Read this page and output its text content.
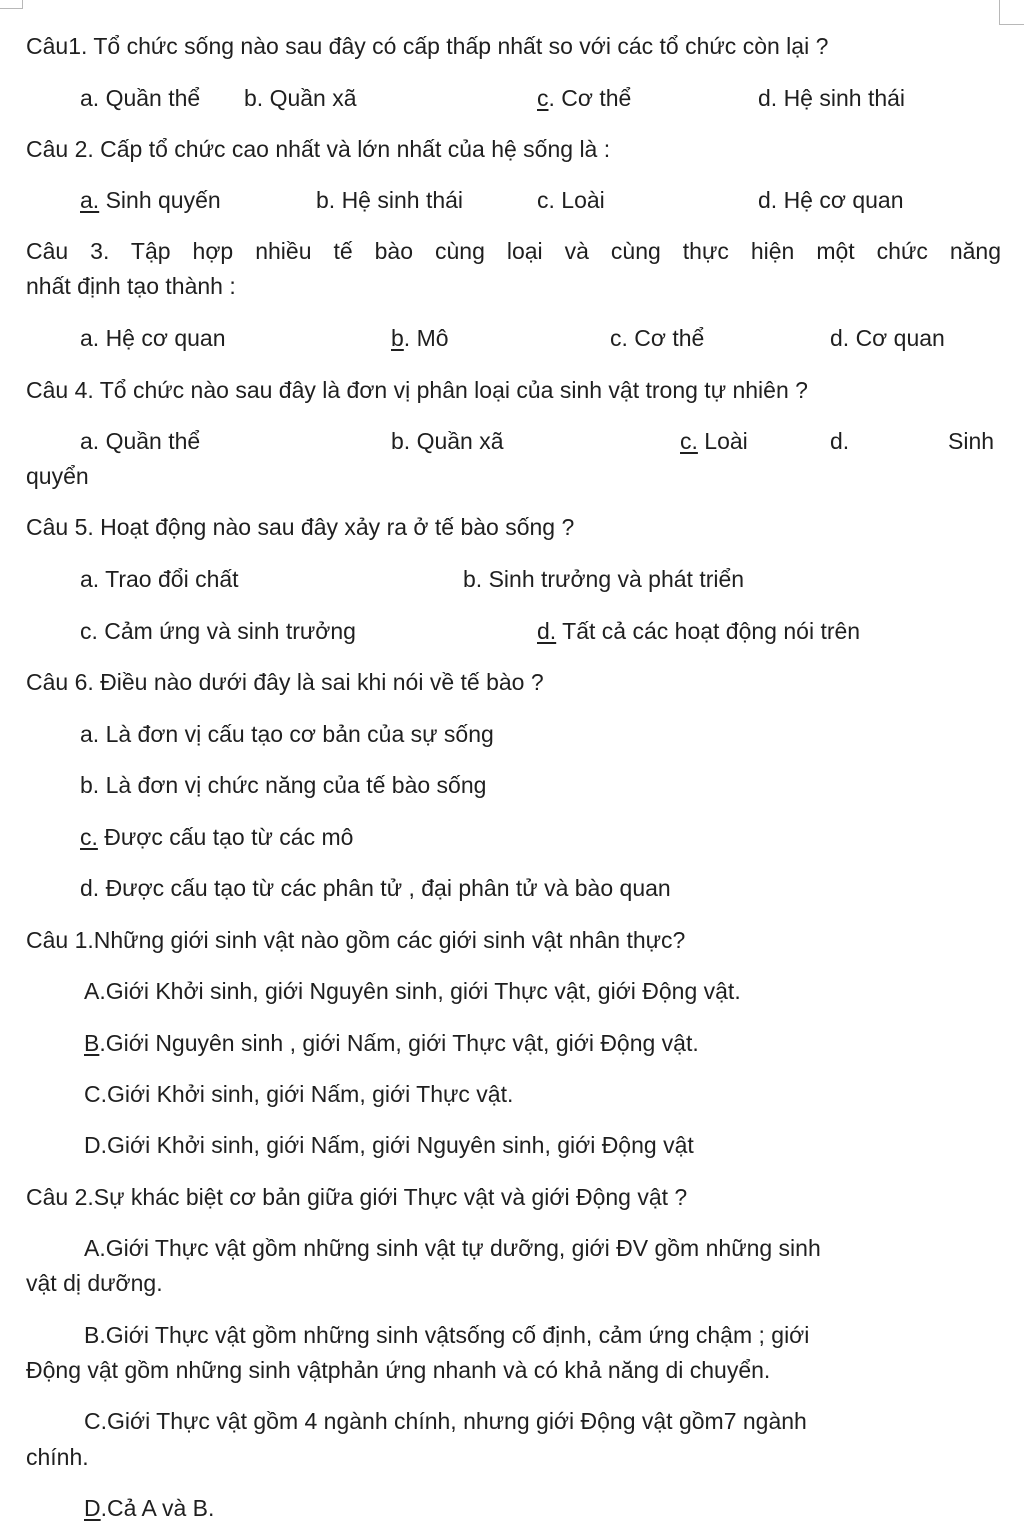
Câu1. Tổ chức sống nào sau đây có cấp thấp nhất so với các tổ chức còn lại ?
a. Quần thể b. Quần xã	c. Cơ thể	d. Hệ sinh thái
Câu 2. Cấp tổ chức cao nhất và lớn nhất của hệ sống là :
a. Sinh quyến	b. Hệ sinh thái	c. Loài	d. Hệ cơ quan
Câu 3. Tập hợp nhiều tế bào cùng loại và cùng thực hiện một chức năng
nhất định tạo thành :
a. Hệ cơ quan	b. Mô	c. Cơ thể	d. Cơ quan
Câu 4. Tổ chức nào sau đây là đơn vị phân loại của sinh vật trong tự nhiên ?
a. Quần thể	b. Quần xã	c. Loài	d.	Sinh
quyển
Câu 5. Hoạt động nào sau đây xảy ra ở tế bào sống ?
a. Trao đổi chất	b. Sinh trưởng và phát triển
c. Cảm ứng và sinh trưởng	d. Tất cả các hoạt động nói trên
Câu 6. Điều nào dưới đây là sai khi nói về tế bào ?
a. Là đơn vị cấu tạo cơ bản của sự sống
b. Là đơn vị chức năng của tế bào sống
c. Được cấu tạo từ các mô
d. Được cấu tạo từ các phân tử , đại phân tử và bào quan
Câu 1.Những giới sinh vật nào gồm các giới sinh vật nhân thực?
A.Giới Khởi sinh, giới Nguyên sinh, giới Thực vật, giới Động vật.
B.Giới Nguyên sinh , giới Nấm, giới Thực vật, giới Động vật.
C.Giới Khởi sinh, giới Nấm, giới Thực vật.
D.Giới Khởi sinh, giới Nấm, giới Nguyên sinh, giới Động vật
Câu 2.Sự khác biệt cơ bản giữa giới Thực vật và giới Động vật ?
A.Giới Thực vật gồm những sinh vật tự dưỡng, giới ĐV gồm những sinh
vật dị dưỡng.
B.Giới Thực vật gồm những sinh vậtsống cố định, cảm ứng chậm ; giới
Động vật gồm những sinh vậtphản ứng nhanh và có khả năng di chuyển.
C.Giới Thực vật gồm 4 ngành chính, nhưng giới Động vật gồm7 ngành
chính.
D.Cả A và B.
